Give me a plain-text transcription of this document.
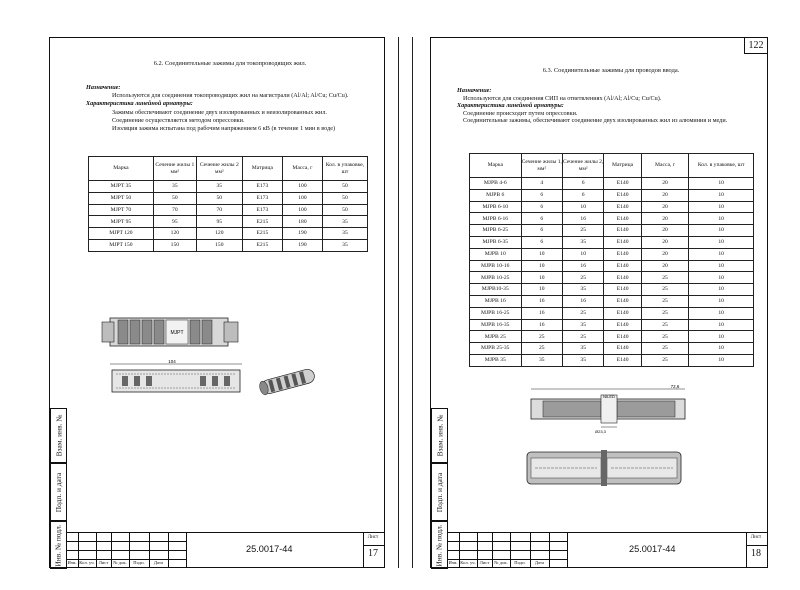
Взам. инв. №
Подп. и дата
Инв. № подл.
6.2. Соединительные зажимы для токопроводящих жил.
Назначение:
Используются для соединения токопроводящих жил на магистрали (Al/Al; Al/Cu; Cu/Cu).
Характеристика линейной арматуры:
Зажимы обеспечивают соединение двух изолированных и неизолированных жил.
Соединение осуществляется методом опрессовки.
Изоляция зажима испытана под рабочим напряжением 6 кВ (в течение 1 мин в воде)
Марка	Сечение жилы 1 мм²	Сечение жилы 2 мм²	Матрица	Масса, г	Кол. в упаковке, шт
MJPT 35	35	35	E173	100	50
MJPT 50	50	50	E173	100	50
MJPT 70	70	70	E173	100	50
MJPT 95	95	95	E215	180	35
MJPT 120	120	120	E215	190	35
MJPT 150	150	150	E215	190	35
MJPT
104
Изм. Кол. уч. Лист	№ док.	Подп.	Дата
25.0017-44
Лист
17
Взам. инв. №
Подп. и дата
Инв. № подл.
122
6.3. Соединительные зажимы для проводов ввода.
Назначение:
Используются для соединения СИП на ответвлениях (Al/Al; Al/Cu; Cu/Cu).
Характеристика линейной арматуры:
Соединение происходит путем опрессовки.
Соединительные зажимы, обеспечивают соединение двух изолированных жил из алюминия и меди.
Марка	Сечение жилы 1, мм²	Сечение жилы 2, мм²	Матрица	Масса, г	Кол. в упаковке, шт
MJPB 4-6	4	6	E140	20	10
MJPB 6	6	6	E140	20	10
MJPB 6-10	6	10	E140	20	10
MJPB 6-16	6	16	E140	20	10
MJPB 6-25	6	25	E140	20	10
MJPB 6-35	6	35	E140	20	10
MJPB 10	10	10	E140	20	10
MJPB 10-16	10	16	E140	20	10
MJPB 10-25	10	25	E140	25	10
MJPB10-35	10	35	E140	25	10
MJPB 16	16	16	E140	25	10
MJPB 16-25	16	25	E140	25	10
MJPB 16-35	16	35	E140	25	10
MJPB 25	25	25	E140	25	10
MJPB 25-35	25	35	E140	25	10
MJPB 35	35	35	E140	25	10
72,6
NILED
Ø23,3
Изм. Кол. уч. Лист	№ док.	Подп.	Дата
25.0017-44
Лист
18
